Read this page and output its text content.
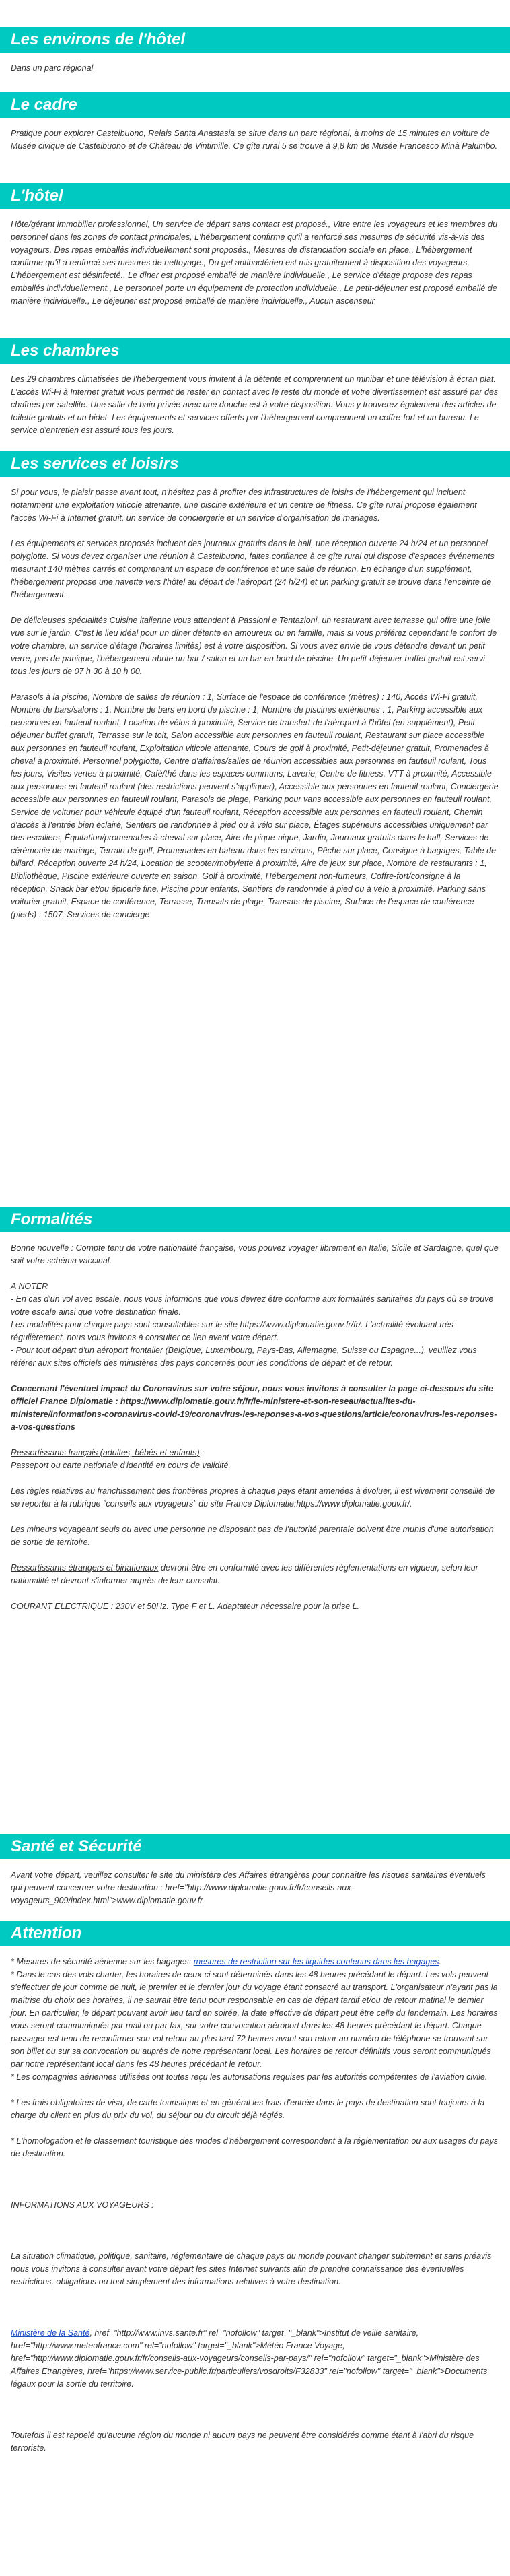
Les environs de l'hôtel

Dans un parc régional

Le cadre

Pratique pour explorer Castelbuono, Relais Santa Anastasia se situe dans un parc régional, à moins de 15 minutes en voiture de Musée civique de Castelbuono et de Château de Vintimille. Ce gîte rural 5 se trouve à 9,8 km de Musée Francesco Minà Palumbo.

L'hôtel

Hôte/gérant immobilier professionnel, Un service de départ sans contact est proposé., Vitre entre les voyageurs et les membres du personnel dans les zones de contact principales, L'hébergement confirme qu'il a renforcé ses mesures de sécurité vis-à-vis des voyageurs, Des repas emballés individuellement sont proposés., Mesures de distanciation sociale en place., L'hébergement confirme qu'il a renforcé ses mesures de nettoyage., Du gel antibactérien est mis gratuitement à disposition des voyageurs, L'hébergement est désinfecté., Le dîner est proposé emballé de manière individuelle., Le service d'étage propose des repas emballés individuellement., Le personnel porte un équipement de protection individuelle., Le petit-déjeuner est proposé emballé de manière individuelle., Le déjeuner est proposé emballé de manière individuelle., Aucun ascenseur

Les chambres

Les 29 chambres climatisées de l'hébergement vous invitent à la détente et comprennent un minibar et une télévision à écran plat. L'accès Wi-Fi à Internet gratuit vous permet de rester en contact avec le reste du monde et votre divertissement est assuré par des chaînes par satellite. Une salle de bain privée avec une douche est à votre disposition. Vous y trouverez également des articles de toilette gratuits et un bidet. Les équipements et services offerts par l'hébergement comprennent un coffre-fort et un bureau. Le service d'entretien est assuré tous les jours.

Les services et loisirs

Si pour vous, le plaisir passe avant tout, n'hésitez pas à profiter des infrastructures de loisirs de l'hébergement qui incluent notamment une exploitation viticole attenante, une piscine extérieure et un centre de fitness. Ce gîte rural propose également l'accès Wi-Fi à Internet gratuit, un service de conciergerie et un service d'organisation de mariages.

Les équipements et services proposés incluent des journaux gratuits dans le hall, une réception ouverte 24 h/24 et un personnel polyglotte. Si vous devez organiser une réunion à Castelbuono, faites confiance à ce gîte rural qui dispose d'espaces événements mesurant 140 mètres carrés et comprenant un espace de conférence et une salle de réunion. En échange d'un supplément, l'hébergement propose une navette vers l'hôtel au départ de l'aéroport (24 h/24) et un parking gratuit se trouve dans l'enceinte de l'hébergement.

De délicieuses spécialités Cuisine italienne vous attendent à Passioni e Tentazioni, un restaurant avec terrasse qui offre une jolie vue sur le jardin. C'est le lieu idéal pour un dîner détente en amoureux ou en famille, mais si vous préférez cependant le confort de votre chambre, un service d'étage (horaires limités) est à votre disposition. Si vous avez envie de vous détendre devant un petit verre, pas de panique, l'hébergement abrite un bar / salon et un bar en bord de piscine. Un petit-déjeuner buffet gratuit est servi tous les jours de 07 h 30 à 10 h 00.

Parasols à la piscine, Nombre de salles de réunion : 1, Surface de l'espace de conférence (mètres) : 140, Accès Wi-Fi gratuit, Nombre de bars/salons : 1, Nombre de bars en bord de piscine : 1, Nombre de piscines extérieures : 1, Parking accessible aux personnes en fauteuil roulant, Location de vélos à proximité, Service de transfert de l'aéroport à l'hôtel (en supplément), Petit-déjeuner buffet gratuit, Terrasse sur le toit, Salon accessible aux personnes en fauteuil roulant, Restaurant sur place accessible aux personnes en fauteuil roulant, Exploitation viticole attenante, Cours de golf à proximité, Petit-déjeuner gratuit, Promenades à cheval à proximité, Personnel polyglotte, Centre d'affaires/salles de réunion accessibles aux personnes en fauteuil roulant, Tous les jours, Visites vertes à proximité, Café/thé dans les espaces communs, Laverie, Centre de fitness, VTT à proximité, Accessible aux personnes en fauteuil roulant (des restrictions peuvent s'appliquer), Accessible aux personnes en fauteuil roulant, Conciergerie accessible aux personnes en fauteuil roulant, Parasols de plage, Parking pour vans accessible aux personnes en fauteuil roulant, Service de voiturier pour véhicule équipé d'un fauteuil roulant, Réception accessible aux personnes en fauteuil roulant, Chemin d'accès à l'entrée bien éclairé, Sentiers de randonnée à pied ou à vélo sur place, Étages supérieurs accessibles uniquement par des escaliers, Équitation/promenades à cheval sur place, Aire de pique-nique, Jardin, Journaux gratuits dans le hall, Services de cérémonie de mariage, Terrain de golf, Promenades en bateau dans les environs, Pêche sur place, Consigne à bagages, Table de billard, Réception ouverte 24 h/24, Location de scooter/mobylette à proximité, Aire de jeux sur place, Nombre de restaurants : 1, Bibliothèque, Piscine extérieure ouverte en saison, Golf à proximité, Hébergement non-fumeurs, Coffre-fort/consigne à la réception, Snack bar et/ou épicerie fine, Piscine pour enfants, Sentiers de randonnée à pied ou à vélo à proximité, Parking sans voiturier gratuit, Espace de conférence, Terrasse, Transats de plage, Transats de piscine, Surface de l'espace de conférence (pieds) : 1507, Services de concierge

Formalités

Bonne nouvelle : Compte tenu de votre nationalité française, vous pouvez voyager librement en Italie, Sicile et Sardaigne, quel que soit votre schéma vaccinal.

A NOTER

- En cas d'un vol avec escale, nous vous informons que vous devrez être conforme aux formalités sanitaires du pays où se trouve votre escale ainsi que votre destination finale.
Les modalités pour chaque pays sont consultables sur le site https://www.diplomatie.gouv.fr/fr/. L'actualité évoluant très régulièrement, nous vous invitons à consulter ce lien avant votre départ.
- Pour tout départ d'un aéroport frontalier (Belgique, Luxembourg, Pays-Bas, Allemagne, Suisse ou Espagne...), veuillez vous référer aux sites officiels des ministères des pays concernés pour les conditions de départ et de retour.

Concernant l'éventuel impact du Coronavirus sur votre séjour, nous vous invitons à consulter la page ci-dessous du site officiel France Diplomatie : https://www.diplomatie.gouv.fr/fr/le-ministere-et-son-reseau/actualites-du-ministere/informations-coronavirus-covid-19/coronavirus-les-reponses-a-vos-questions/article/coronavirus-les-reponses-a-vos-questions

Ressortissants français (adultes, bébés et enfants) :

Passeport ou carte nationale d'identité en cours de validité.

Les règles relatives au franchissement des frontières propres à chaque pays étant amenées à évoluer, il est vivement conseillé de se reporter à la rubrique "conseils aux voyageurs" du site France Diplomatie:https://www.diplomatie.gouv.fr/.

Les mineurs voyageant seuls ou avec une personne ne disposant pas de l'autorité parentale doivent être munis d'une autorisation de sortie de territoire.

Ressortissants étrangers et binationaux devront être en conformité avec les différentes réglementations en vigueur, selon leur nationalité et devront s'informer auprès de leur consulat.

COURANT ELECTRIQUE : 230V et 50Hz. Type F et L. Adaptateur nécessaire pour la prise L.

Santé et Sécurité

Avant votre départ, veuillez consulter le site du ministère des Affaires étrangères pour connaître les risques sanitaires éventuels qui peuvent concerner votre destination : href="http://www.diplomatie.gouv.fr/fr/conseils-aux-voyageurs_909/index.html">www.diplomatie.gouv.fr

Attention

* Mesures de sécurité aérienne sur les bagages: mesures de restriction sur les liquides contenus dans les bagages.
* Dans le cas des vols charter, les horaires de ceux-ci sont déterminés dans les 48 heures précédant le départ. Les vols peuvent s'effectuer de jour comme de nuit, le premier et le dernier jour du voyage étant consacré au transport. L'organisateur n'ayant pas la maîtrise du choix des horaires, il ne saurait être tenu pour responsable en cas de départ tardif et/ou de retour matinal le dernier jour. En particulier, le départ pouvant avoir lieu tard en soirée, la date effective de départ peut être celle du lendemain. Les horaires vous seront communiqués par mail ou par fax, sur votre convocation aéroport dans les 48 heures précédant le départ. Chaque passager est tenu de reconfirmer son vol retour au plus tard 72 heures avant son retour au numéro de téléphone se trouvant sur son billet ou sur sa convocation ou auprès de notre représentant local. Les horaires de retour définitifs vous seront communiqués par notre représentant local dans les 48 heures précédant le retour.
* Les compagnies aériennes utilisées ont toutes reçu les autorisations requises par les autorités compétentes de l'aviation civile.

* Les frais obligatoires de visa, de carte touristique et en général les frais d'entrée dans le pays de destination sont toujours à la charge du client en plus du prix du vol, du séjour ou du circuit déjà réglés.

* L'homologation et le classement touristique des modes d'hébergement correspondent à la réglementation ou aux usages du pays de destination.

INFORMATIONS AUX VOYAGEURS :

La situation climatique, politique, sanitaire, réglementaire de chaque pays du monde pouvant changer subitement et sans préavis
nous vous invitons à consulter avant votre départ les sites Internet suivants afin de prendre connaissance des éventuelles restrictions, obligations ou tout simplement des informations relatives à votre destination.

Ministère de la Santé, href="http://www.invs.sante.fr" rel="nofollow" target="_blank">Institut de veille sanitaire, href="http://www.meteofrance.com" rel="nofollow" target="_blank">Météo France Voyage, href="http://www.diplomatie.gouv.fr/fr/conseils-aux-voyageurs/conseils-par-pays/" rel="nofollow" target="_blank">Ministère des Affaires Etrangères, href="https://www.service-public.fr/particuliers/vosdroits/F32833" rel="nofollow" target="_blank">Documents légaux pour la sortie du territoire.

Toutefois il est rappelé qu'aucune région du monde ni aucun pays ne peuvent être considérés comme étant à l'abri du risque terroriste.
